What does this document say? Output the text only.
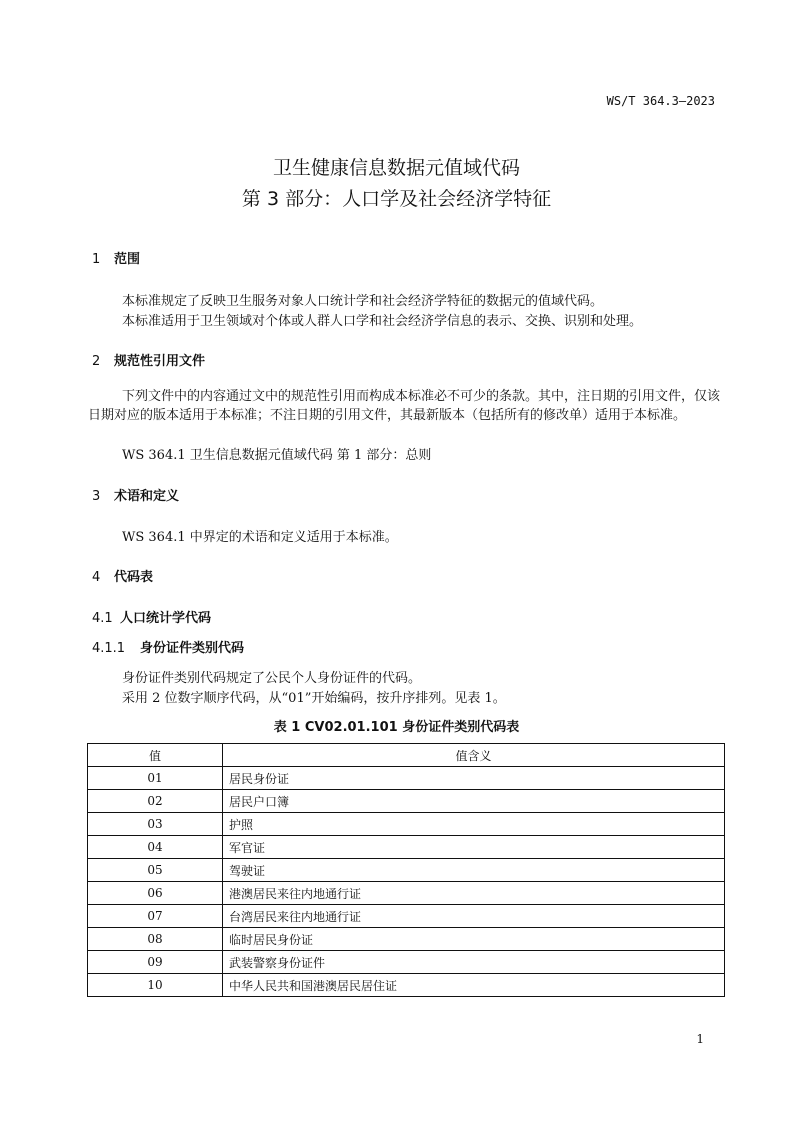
WS/T 364.3—2023
卫生健康信息数据元值域代码
第 3 部分：人口学及社会经济学特征
1 范围
本标准规定了反映卫生服务对象人口统计学和社会经济学特征的数据元的值域代码。
本标准适用于卫生领域对个体或人群人口学和社会经济学信息的表示、交换、识别和处理。
2 规范性引用文件
下列文件中的内容通过文中的规范性引用而构成本标准必不可少的条款。其中，注日期的引用文件，仅该日期对应的版本适用于本标准；不注日期的引用文件，其最新版本（包括所有的修改单）适用于本标准。
WS 364.1 卫生信息数据元值域代码 第 1 部分：总则
3 术语和定义
WS 364.1 中界定的术语和定义适用于本标准。
4 代码表
4.1 人口统计学代码
4.1.1 身份证件类别代码
身份证件类别代码规定了公民个人身份证件的代码。
采用 2 位数字顺序代码，从“01”开始编码，按升序排列。见表 1。
表 1 CV02.01.101 身份证件类别代码表
值	值含义
01	居民身份证
02	居民户口簿
03	护照
04	军官证
05	驾驶证
06	港澳居民来往内地通行证
07	台湾居民来往内地通行证
08	临时居民身份证
09	武装警察身份证件
10	中华人民共和国港澳居民居住证
1
